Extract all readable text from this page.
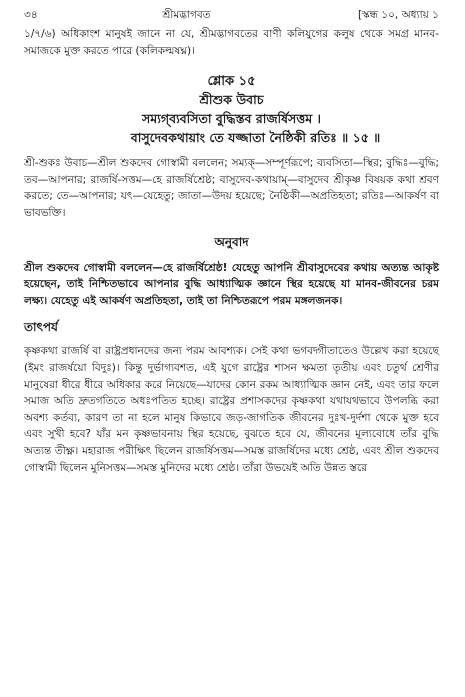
৩৪	শ্রীমদ্ভাগবত	[স্কন্ধ ১০, অধ্যায় ১

১/৭/৬) অধিকাংশ মানুষই জানে না যে, শ্রীমদ্ভাগবতের বাণী কলিযুগের কলুষ থেকে সমগ্র মানব-সমাজকে মুক্ত করতে পারে (কলিকল্মষঘ্ন)।

শ্লোক ১৫
শ্রীশুক উবাচ
সম্যগ্‌ব্যবসিতা বুদ্ধিস্তব রাজর্ষিসত্তম ।
বাসুদেবকথায়াং তে যজ্জাতা নৈষ্ঠিকী রতিঃ ॥ ১৫ ॥

শ্রী-শুকঃ উবাচ—শ্রীল শুকদেব গোস্বামী বললেন; সম্যক্‌—সম্পূর্ণরূপে; ব্যবসিতা—স্থির; বুদ্ধিঃ—বুদ্ধি; তব—আপনার; রাজর্ষি-সত্তম—হে রাজর্ষিশ্রেষ্ঠ; বাসুদেব-কথায়াম্‌—বাসুদেব শ্রীকৃষ্ণ বিষয়ক কথা শ্রবণ করতে; তে—আপনার; যৎ—যেহেতু; জাতা—উদয় হয়েছে; নৈষ্ঠিকী—অপ্রতিহতা; রতিঃ—আকর্ষণ বা ভাবভক্তি।

অনুবাদ

শ্রীল শুকদেব গোস্বামী বললেন—হে রাজর্ষিশ্রেষ্ঠ! যেহেতু আপনি শ্রীবাসুদেবের কথায় অত্যন্ত আকৃষ্ট হয়েছেন, তাই নিশ্চিতভাবে আপনার বুদ্ধি আধ্যাত্মিক জ্ঞানে স্থির হয়েছে যা মানব-জীবনের চরম লক্ষ্য। যেহেতু এই আকর্ষণ অপ্রতিহতা, তাই তা নিশ্চিতরূপে পরম মঙ্গলজনক।

তাৎপর্য

কৃষ্ণকথা রাজর্ষি বা রাষ্ট্রপ্রধানদের জন্য পরম আবশ্যক। সেই কথা ভগবদ্গীতাতেও উল্লেখ করা হয়েছে (ইমং রাজর্ষয়ো বিদুঃ)। কিন্তু দুর্ভাগ্যবশত, এই যুগে রাষ্ট্রের শাসন ক্ষমতা তৃতীয় এবং চতুর্থ শ্রেণীর মানুষেরা ধীরে ধীরে অধিকার করে নিয়েছে—যাদের কোন রকম আধ্যাত্মিক জ্ঞান নেই, এবং তার ফলে সমাজ অতি দ্রুতগতিতে অধঃপতিত হচ্ছে। রাষ্ট্রের প্রশাসকদের কৃষ্ণকথা যথাযথভাবে উপলব্ধি করা অবশ্য কর্তব্য, কারণ তা না হলে মানুষ কিভাবে জড়-জাগতিক জীবনের দুঃখ-দুর্দশা থেকে মুক্ত হবে এবং সুখী হবে? যাঁর মন কৃষ্ণভাবনায় স্থির হয়েছে, বুঝতে হবে যে, জীবনের মূল্যবোধে তাঁর বুদ্ধি অত্যন্ত তীক্ষ্ণ। মহারাজ পরীক্ষিৎ ছিলেন রাজর্ষিসত্তম—সমস্ত রাজর্ষিদের মধ্যে শ্রেষ্ঠ, এবং শ্রীল শুকদেব গোস্বামী ছিলেন মুনিসত্তম—সমস্ত মুনিদের মধ্যে শ্রেষ্ঠ। তাঁরা উভয়েই অতি উন্নত স্তরে
